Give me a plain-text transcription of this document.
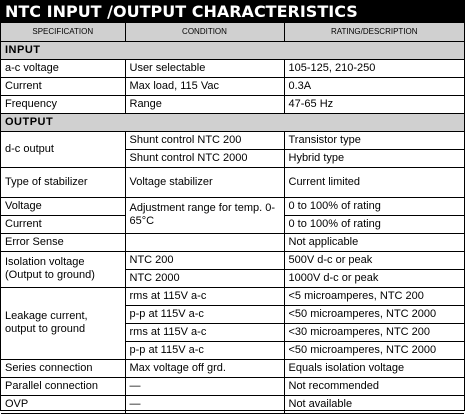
NTC INPUT /OUTPUT CHARACTERISTICS
SPECIFICATION	CONDITION	RATING/DESCRIPTION
INPUT		
a-c voltage	User selectable	105-125, 210-250
Current	Max load, 115 Vac	0.3A
Frequency	Range	47-65 Hz
OUTPUT		
d-c output	Shunt control NTC 200	Transistor type
	Shunt control NTC 2000	Hybrid type
Type of stabilizer	Voltage stabilizer	Current limited
Voltage	Adjustment range for temp. 0-65°C	0 to 100% of rating
Current		0 to 100% of rating
Error Sense		Not applicable
Isolation voltage (Output to ground)	NTC 200	500V d-c or peak
	NTC 2000	1000V d-c or peak
Leakage current, output to ground	rms at 115V a-c	<5 microamperes, NTC 200
	p-p at 115V a-c	<50 microamperes, NTC 2000
	rms at 115V a-c	<30 microamperes, NTC 200
	p-p at 115V a-c	<50 microamperes, NTC 2000
Series connection	Max voltage off grd.	Equals isolation voltage
Parallel connection	—	Not recommended
OVP	—	Not available
